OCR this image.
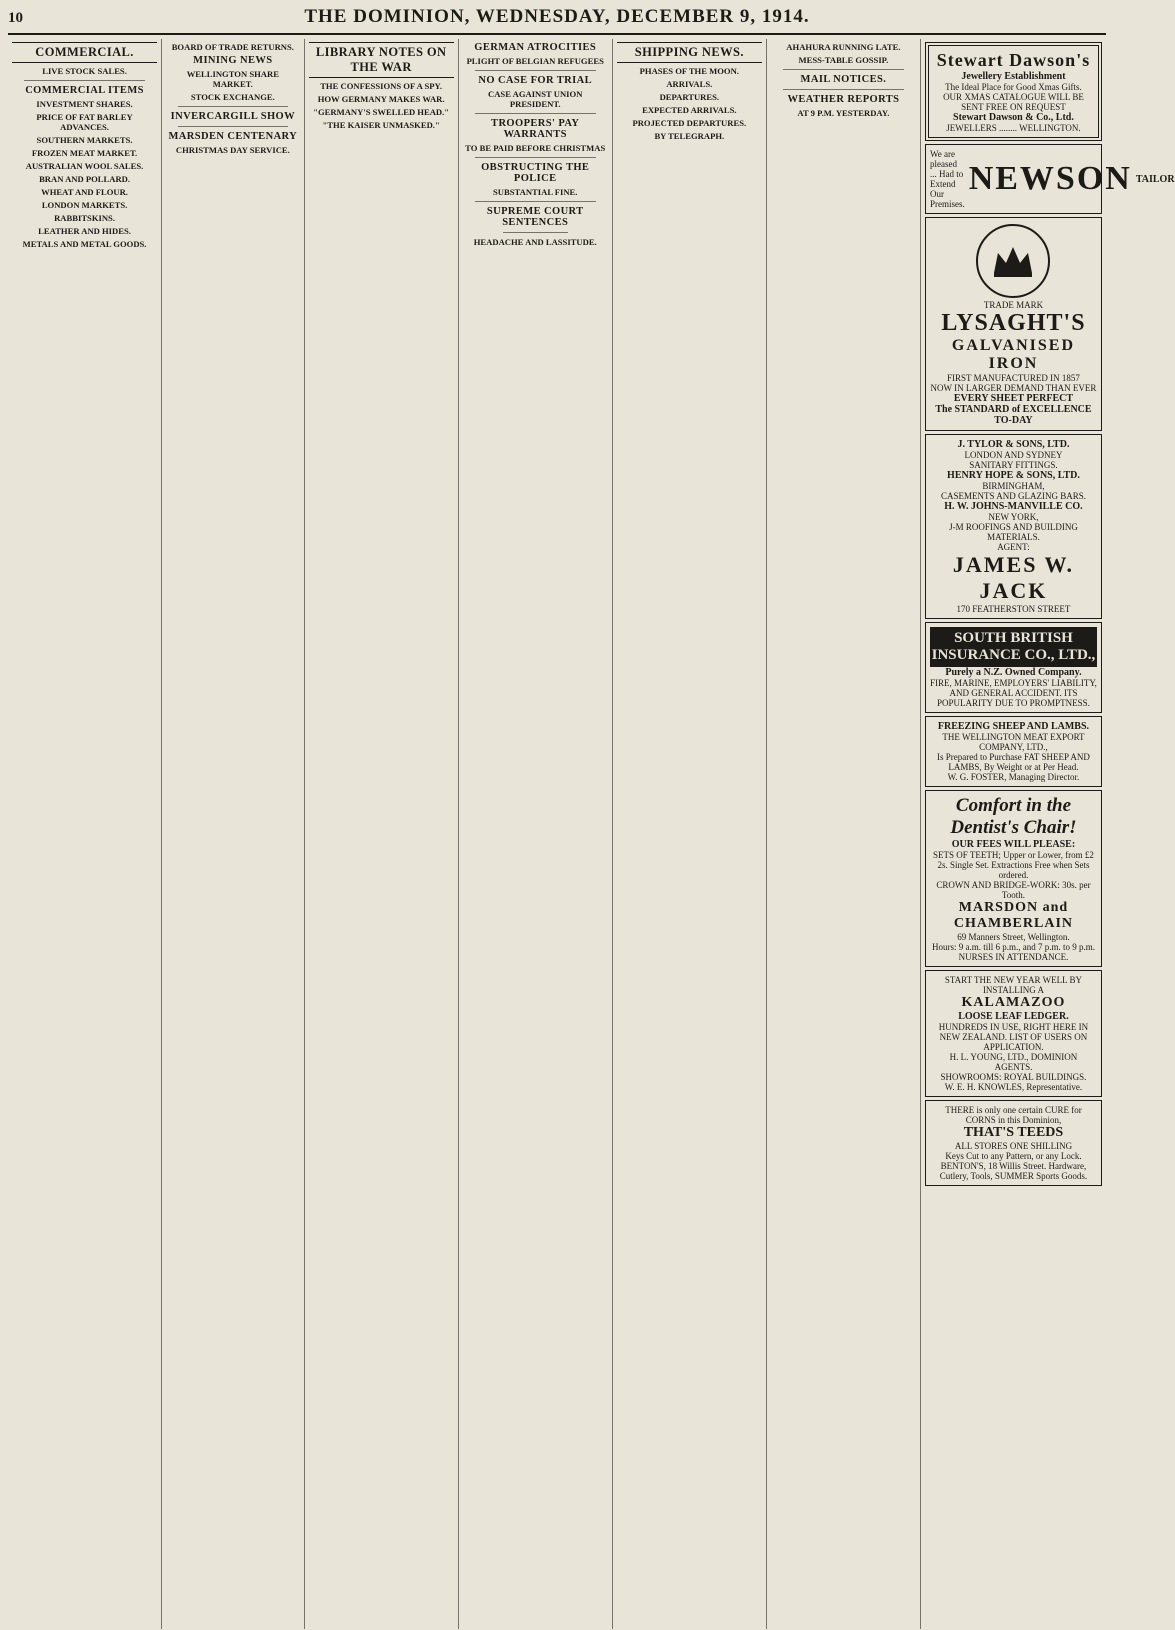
10	THE DOMINION, WEDNESDAY, DECEMBER 9, 1914.
COMMERCIAL.
LIVE STOCK SALES.

COMMERCIAL ITEMS
INVESTMENT SHARES.

PRICE OF FAT BARLEY ADVANCES.

SOUTHERN MARKETS.

FROZEN MEAT MARKET.

AUSTRALIAN WOOL SALES.

BRAN AND POLLARD.

WHEAT AND FLOUR.

LONDON MARKETS.

RABBITSKINS.

LEATHER AND HIDES.

METALS AND METAL GOODS.

BOARD OF TRADE RETURNS.

MINING NEWS
WELLINGTON SHARE MARKET.

STOCK EXCHANGE.

INVERCARGILL SHOW

MARSDEN CENTENARY
CHRISTMAS DAY SERVICE.

LIBRARY NOTES ON THE WAR
THE CONFESSIONS OF A SPY.

HOW GERMANY MAKES WAR.

"GERMANY'S SWELLED HEAD."

"THE KAISER UNMASKED."

GERMAN ATROCITIES
PLIGHT OF BELGIAN REFUGEES

NO CASE FOR TRIAL
CASE AGAINST UNION PRESIDENT.

TROOPERS' PAY WARRANTS
TO BE PAID BEFORE CHRISTMAS

OBSTRUCTING THE POLICE
SUBSTANTIAL FINE.

SUPREME COURT SENTENCES

HEADACHE AND LASSITUDE.

SHIPPING NEWS.
PHASES OF THE MOON.

ARRIVALS.

DEPARTURES.

EXPECTED ARRIVALS.

PROJECTED DEPARTURES.

BY TELEGRAPH.

AHAHURA RUNNING LATE.

MESS-TABLE GOSSIP.

MAIL NOTICES.

WEATHER REPORTS
AT 9 P.M. YESTERDAY.

Stewart Dawson's
Jewellery Establishment
The Ideal Place for Good Xmas Gifts.
OUR XMAS CATALOGUE WILL BE SENT FREE ON REQUEST
Stewart Dawson & Co., Ltd.
JEWELLERS ........ WELLINGTON.
We are pleased ... Had to Extend Our Premises.
NEWSON TAILOR
TRADE MARK
LYSAGHT'S
GALVANISED IRON
FIRST MANUFACTURED IN 1857
NOW IN LARGER DEMAND THAN EVER
EVERY SHEET PERFECT
The STANDARD of EXCELLENCE TO-DAY
J. TYLOR & SONS, LTD.
LONDON AND SYDNEY
SANITARY FITTINGS.
HENRY HOPE & SONS, LTD.
BIRMINGHAM,
CASEMENTS AND GLAZING BARS.
H. W. JOHNS-MANVILLE CO.
NEW YORK,
J-M ROOFINGS AND BUILDING MATERIALS.
AGENT:
JAMES W. JACK
170 FEATHERSTON STREET
SOUTH BRITISH INSURANCE CO., LTD.,
Purely a N.Z. Owned Company.
FIRE, MARINE, EMPLOYERS' LIABILITY, AND GENERAL ACCIDENT. ITS POPULARITY DUE TO PROMPTNESS.
FREEZING SHEEP AND LAMBS.
THE WELLINGTON MEAT EXPORT COMPANY, LTD.,
Is Prepared to Purchase FAT SHEEP AND LAMBS, By Weight or at Per Head.
W. G. FOSTER, Managing Director.
Comfort in the Dentist's Chair!
OUR FEES WILL PLEASE:
SETS OF TEETH; Upper or Lower, from £2 2s. Single Set. Extractions Free when Sets ordered.
CROWN AND BRIDGE-WORK: 30s. per Tooth.
MARSDON and CHAMBERLAIN
69 Manners Street, Wellington.
Hours: 9 a.m. till 6 p.m., and 7 p.m. to 9 p.m.
NURSES IN ATTENDANCE.
START THE NEW YEAR WELL BY INSTALLING A
KALAMAZOO
LOOSE LEAF LEDGER.
HUNDREDS IN USE, RIGHT HERE IN NEW ZEALAND. LIST OF USERS ON APPLICATION.
H. L. YOUNG, LTD., DOMINION AGENTS.
SHOWROOMS: ROYAL BUILDINGS.
W. E. H. KNOWLES, Representative.
THERE is only one certain CURE for CORNS in this Dominion,
THAT'S TEEDS
ALL STORES ONE SHILLING
Keys Cut to any Pattern, or any Lock. BENTON'S, 18 Willis Street. Hardware, Cutlery, Tools, SUMMER Sports Goods.
